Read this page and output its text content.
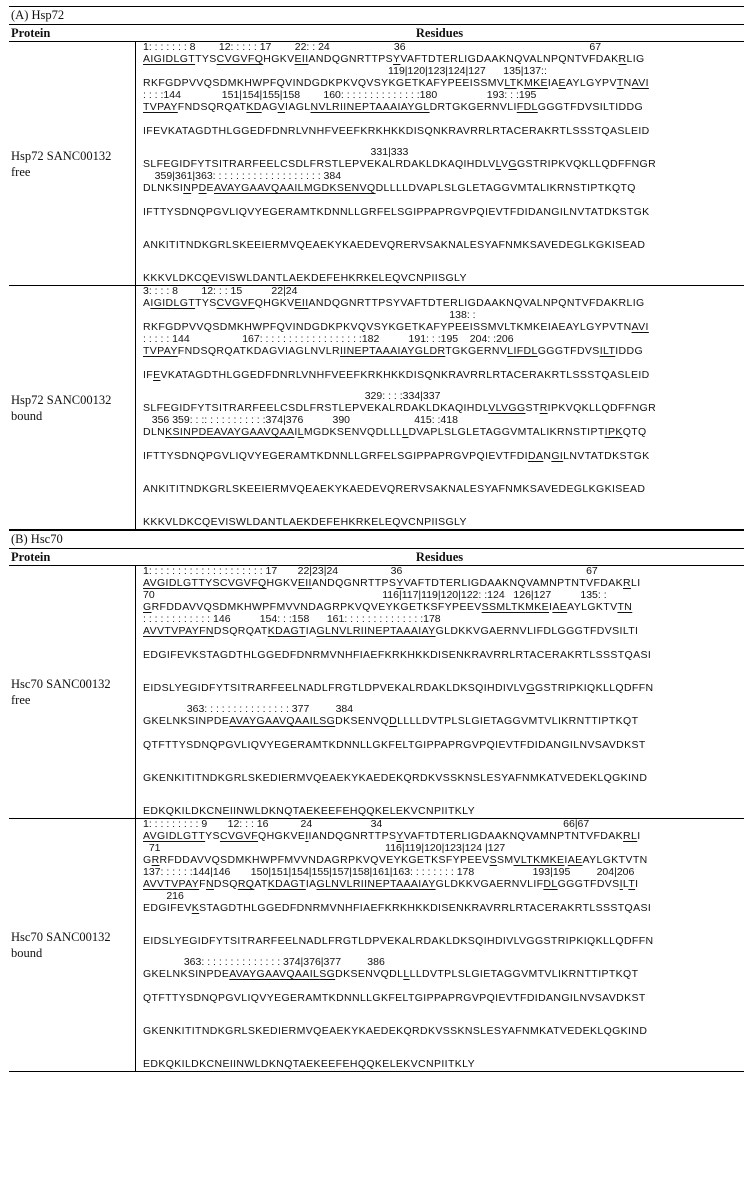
(A) Hsp72
Protein	Residues
Hsp72 SANC00132
free
1: : : : : : : 8        12: : : : : 17        22: : 24                      36                                                               67
AIGIDLGTTYSCVGVFQHGKVEIIANDQGNRTTPSYVAFTDTERLIGDAAKNQVALNPQNTVFDAKRLIG
119|120|123|124|127      135|137::
RKFGDPVVQSDMKHWPFQVINDGDKPKVQVSYKGETKAFYPEEISSMVLTKMKEIAEAYLGYPVTNAVI
: : : :144              151|154|155|158        160: : : : : : : : : : : : : :180                 193: : :195
TVPAYFNDSQRQATKDAGVIAGLNVLRIINEPTAAAIAYGLDRTGKGERNVLIFDLGGGTFDVSILTIDDG
IFEVKATAGDTHLGGEDFDNRLVNHFVEEFKRKHKKDISQNKRAVRRLRTACERAKRTLSSSTQASLEID
331|333
SLFEGIDFYTSITRARFEELCSDLFRSTLEPVEKALRDAKLDKAQIHDLVLVGGSTRIPKVQKLLQDFFNGR
359|361|363: : : : : : : : : : : : : : : : : : : 384
DLNKSINPDEAVAYGAAVQAAILMGDKSENVQDLLLLDVAPLSLGLETAGGVMTALIKRNSTIPTKQTQ
IFTTYSDNQPGVLIQVYEGERAMTKDNNLLGRFELSGIPPAPRGVPQIEVTFDIDANGILNVTATDKSTGK
ANKITITNDKGRLSKEEIERMVQEAEKYKAEDEVQRERVSAKNALESYAFNMKSAVEDEGLKGKISEAD
KKKVLDKCQEVISWLDANTLAEKDEFEHKRKELEQVCNPIISGLY
Hsp72 SANC00132
bound
3: : : : 8        12: : : 15          22|24
AIGIDLGTTYSCVGVFQHGKVEIIANDQGNRTTPSYVAFTDTERLIGDAAKNQVALNPQNTVFDAKRLIG
138: :
RKFGDPVVQSDMKHWPFQVINDGDKPKVQVSYKGETKAFYPEEISSMVLTKMKEIAEAYLGYPVTNAVI
: : : : : 144                  167: : : : : : : : : : : : : : : : : :182          191: : :195    204: :206
TVPAYFNDSQRQATKDAGVIAGLNVLRIINEPTAAAIAYGLDRTGKGERNVLIFDLGGGTFDVSILTIDDG
IFEVKATAGDTHLGGEDFDNRLVNHFVEEFKRKHKKDISQNKRAVRRLRTACERAKRTLSSSTQASLEID
329: : : :334|337
SLFEGIDFYTSITRARFEELCSDLFRSTLEPVEKALRDAKLDKAQIHDLVLVGGSTRIPKVQKLLQDFFNGR
356 359: : :: : : : : : : : : : :374|376          390                      415: :418
DLNKSINPDEAVAYGAAVQAAILMGDKSENVQDLLLLDVAPLSLGLETAGGVMTALIKRNSTIPTIPKQTQ
IFTTYSDNQPGVLIQVYEGERAMTKDNNLLGRFELSGIPPAPRGVPQIEVTFDIDANGILNVTATDKSTGK
ANKITITNDKGRLSKEEIERMVQEAEKYKAEDEVQRERVSAKNALESYAFNMKSAVEDEGLKGKISEAD
KKKVLDKCQEVISWLDANTLAEKDEFEHKRKELEQVCNPIISGLY
(B) Hsc70
Protein	Residues
Hsc70 SANC00132
free
1: : : : : : : : : : : : : : : : : : : : 17       22|23|24                  36                                                               67
AVGIDLGTTYSCVGVFQHGKVEIIANDQGNRTTPSYVAFTDTERLIGDAAKNQVAMNPTNTVFDAKRLI
70                                                                              116|117|119|120|122: :124   126|127          135: :
GRFDDAVVQSDMKHWPFMVVNDAGRPKVQVEYKGETKSFYPEEVSSMLTKMKEIAEAYLGKTVTN
: : : : : : : : : : : : 146          154: : :158      161: : : : : : : : : : : : : :178
AVVTVPAYFNDSQRQATKDAGTIAGLNVLRIINEPTAAAIAYGLDKKVGAERNVLIFDLGGGTFDVSILTI
EDGIFEVKSTAGDTHLGGEDFDNRMVNHFIAEFKRKHKKDISENKRAVRRLRTACERAKRTLSSSTQASI
EIDSLYEGIDFYTSITRARFEELNADLFRGTLDPVEKALRDAKLDKSQIHDIVLVGGSTRIPKIQKLLQDFFN
363: : : : : : : : : : : : : : : 377         384
GKELNKSINPDEAVAYGAAVQAAILSGDKSENVQDLLLLDVTPLSLGIETAGGVMTVLIKRNTTIPTKQT
QTFTTYSDNQPGVLIQVYEGERAMTKDNNLLGKFELTGIPPAPRGVPQIEVTFDIDANGILNVSAVDKST
GKENKITITNDKGRLSKEDIERMVQEAEKYKAEDEKQRDKVSSKNSLESYAFNMKATVEDEKLQGKIND
EDKQKILDKCNEIINWLDKNQTAEKEEFEHQQKELEKVCNPIITKLY
Hsc70 SANC00132
bound
1: : : : : : : : : 9       12: : : 16           24                    34                                                              66|67
AVGIDLGTTYSCVGVFQHGKVEIIANDQGNRTTPSYVAFTDTERLIGDAAKNQVAMNPTNTVFDAKRLI
71                                                                             116|119|120|123|124 |127
GRRFDDAVVQSDMKHWPFMVVNDAGRPKVQVEYKGETKSFYPEEVSSMVLTKMKEIAEAYLGKTVTN
137: : : : : :144|146       150|151|154|155|157|158|161|163: : : : : : : : 178                    193|195         204|206
AVVTVPAYFNDSQRQATKDAGTIAGLNVLRIINEPTAAAIAYGLDKKVGAERNVLIFDLGGGTFDVSILTI
216
EDGIFEVKSTAGDTHLGGEDFDNRMVNHFIAEFKRKHKKDISENKRAVRRLRTACERAKRTLSSSTQASI
EIDSLYEGIDFYTSITRARFEELNADLFRGTLDPVEKALRDAKLDKSQIHDIVLVGGSTRIPKIQKLLQDFFN
363: : : : : : : : : : : : : : 374|376|377         386
GKELNKSINPDEAVAYGAAVQAAILSGDKSENVQDLLLLDVTPLSLGIETAGGVMTVLIKRNTTIPTKQT
QTFTTYSDNQPGVLIQVYEGERAMTKDNNLLGKFELTGIPPAPRGVPQIEVTFDIDANGILNVSAVDKST
GKENKITITNDKGRLSKEDIERMVQEAEKYKAEDEKQRDKVSSKNSLESYAFNMKATVEDEKLQGKIND
EDKQKILDKCNEIINWLDKNQTAEKEEFEHQQKELEKVCNPIITKLY
